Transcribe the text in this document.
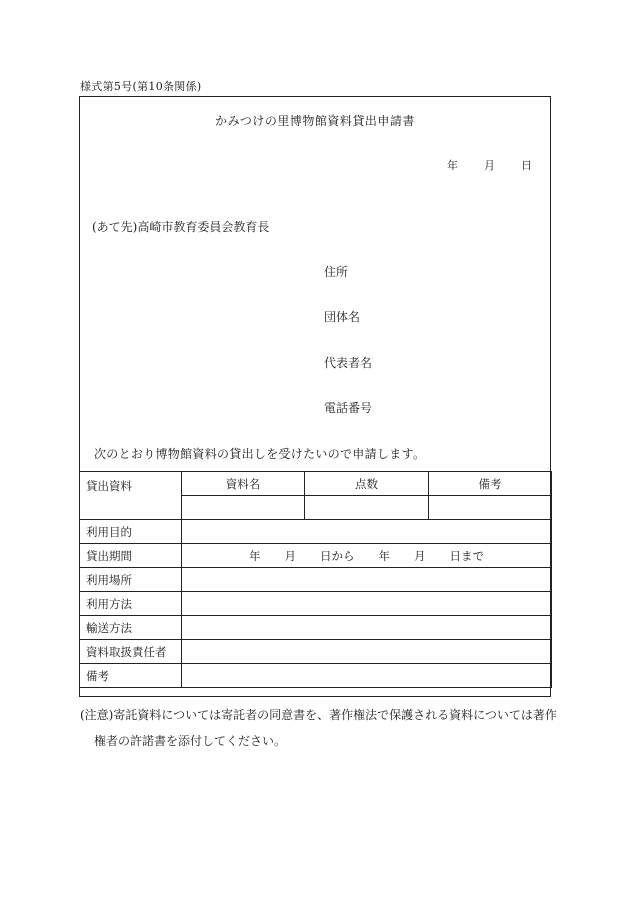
様式第5号(第10条関係)
かみつけの里博物館資料貸出申請書
年 月 日
(あて先)高崎市教育委員会教育長
住所
団体名
代表者名
電話番号
次のとおり博物館資料の貸出しを受けたいので申請します。
貸出資料	資料名	点数	備考

利用目的			
貸出期間	年 月 日から 年 月 日まで		
利用場所			
利用方法			
輸送方法			
資料取扱責任者			
備考			
(注意)寄託資料については寄託者の同意書を、著作権法で保護される資料については著作
権者の許諾書を添付してください。
